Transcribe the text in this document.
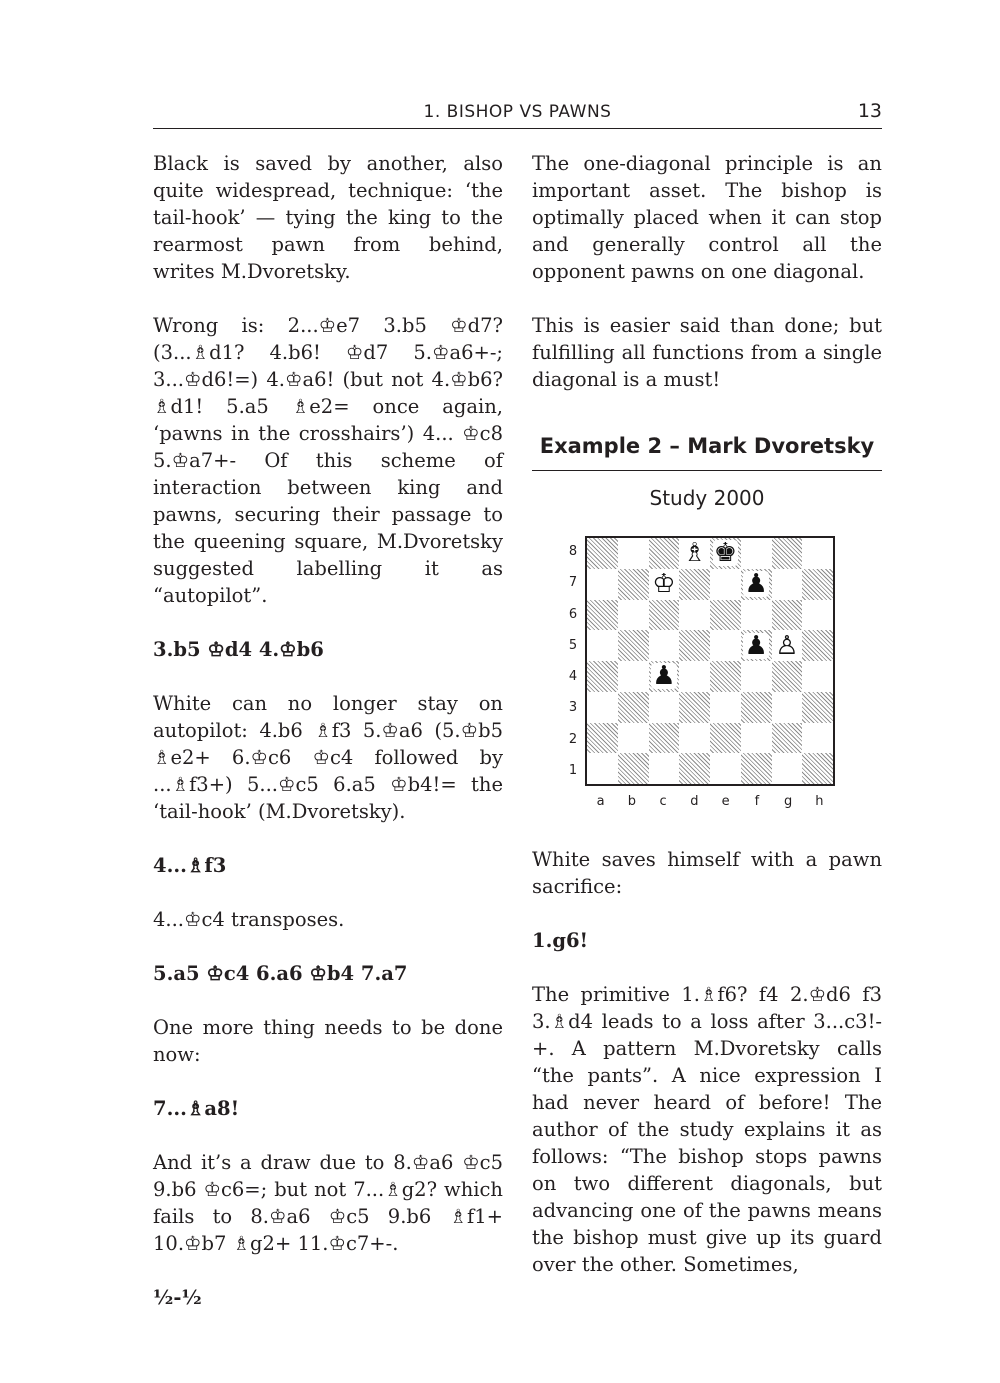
1. BISHOP VS PAWNS	13

Black is saved by another, also quite widespread, technique: ‘the tail-hook’ — tying the king to the rearmost pawn from behind, writes M.Dvoretsky.

Wrong is: 2...♔e7 3.b5 ♔d7? (3...♗d1? 4.b6! ♔d7 5.♔a6+-; 3...♔d6!=) 4.♔a6! (but not 4.♔b6? ♗d1! 5.a5 ♗e2= once again, ‘pawns in the crosshairs’) 4... ♔c8 5.♔a7+- Of this scheme of interaction between king and pawns, securing their passage to the queening square, M.Dvoretsky suggested labelling it as “autopilot”.

3.b5 ♔d4 4.♔b6

White can no longer stay on autopilot: 4.b6 ♗f3 5.♔a6 (5.♔b5 ♗e2+ 6.♔c6 ♔c4 followed by ...♗f3+) 5...♔c5 6.a5 ♔b4!= the ‘tail-hook’ (M.Dvoretsky).

4...♗f3

4...♔c4 transposes.

5.a5 ♔c4 6.a6 ♔b4 7.a7

One more thing needs to be done now:

7...♗a8!

And it’s a draw due to 8.♔a6 ♔c5 9.b6 ♔c6=; but not 7...♗g2? which fails to 8.♔a6 ♔c5 9.b6 ♗f1+ 10.♔b7 ♗g2+ 11.♔c7+-.

½-½

The one-diagonal principle is an important asset. The bishop is optimally placed when it can stop and generally control all the opponent pawns on one diagonal.

This is easier said than done; but fulfilling all functions from a single diagonal is a must!

Example 2 – Mark Dvoretsky
Study 2000
8
7
6
5
4
3
2
1
♗ ♚
♔	♟
♟ ♙
♟
a	b	c	d	e	f	g	h

White saves himself with a pawn sacrifice:

1.g6!

The primitive 1.♗f6? f4 2.♔d6 f3 3.♗d4 leads to a loss after 3...c3!-+. A pattern M.Dvoretsky calls “the pants”. A nice expression I had never heard of before! The author of the study explains it as follows: “The bishop stops pawns on two different diagonals, but advancing one of the pawns means the bishop must give up its guard over the other. Sometimes,
